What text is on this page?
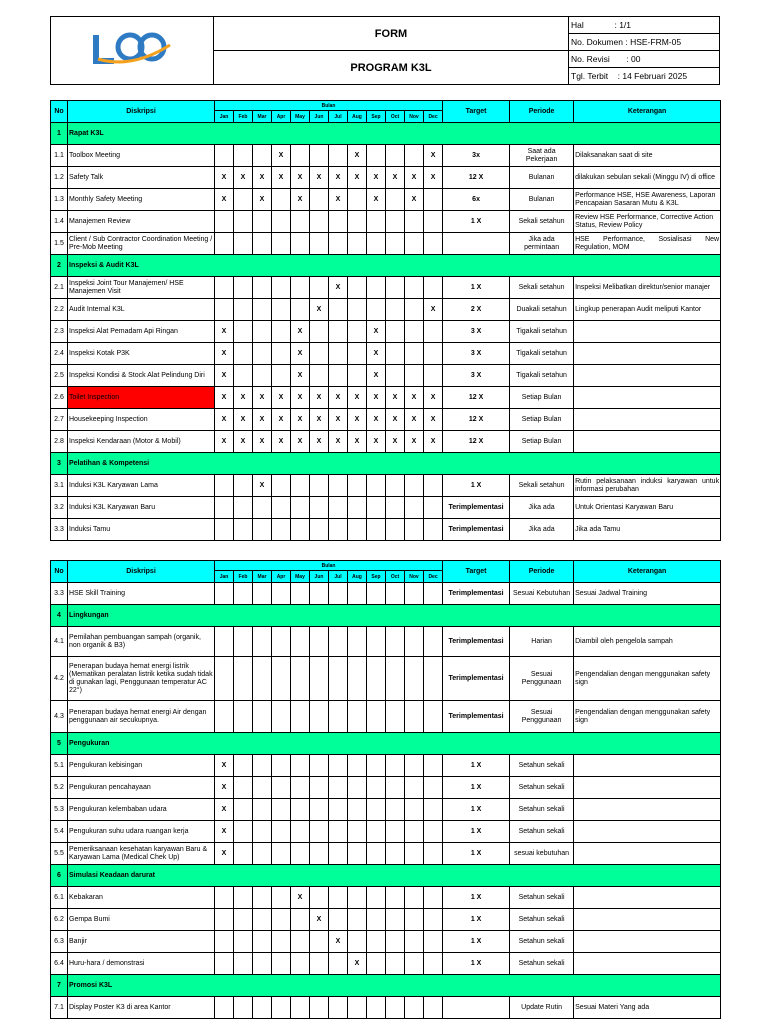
	FORM	Hal : 1/1
		No. Dokumen : HSE-FRM-05
	PROGRAM K3L	No. Revisi : 00
		Tgl. Terbit : 14 Februari 2025
No	Diskripsi	Bulan												Target	Periode	Keterangan
		Jan	Feb	Mar	Apr	May	Jun	Jul	Aug	Sep	Oct	Nov	Dec			
1	Rapat K3L															
1.1	Toolbox Meeting				X				X				X	3x	Saat ada Pekerjaan	Dilaksanakan saat di site
1.2	Safety Talk	X	X	X	X	X	X	X	X	X	X	X	X	12 X	Bulanan	dilakukan sebulan sekali (Minggu IV) di office
1.3	Monthly Safety Meeting	X		X		X		X		X		X		6x	Bulanan	Performance HSE, HSE Awareness, Laporan Pencapaian Sasaran Mutu & K3L
1.4	Manajemen Review													1 X	Sekali setahun	Review HSE Performance, Corrective Action Status, Review Policy
1.5	Client / Sub Contractor Coordination Meeting / Pre-Mob Meeting														Jika ada permintaan	HSE Performance, Sosialisasi New Regulation, MOM
2	Inspeksi & Audit K3L															
2.1	Inspeksi Joint Tour Manajemen/ HSE Manajemen Visit							X						1 X	Sekali setahun	Inspeksi Melibatkan direktur/senior manajer
2.2	Audit Internal K3L						X						X	2 X	Duakali setahun	Lingkup penerapan Audit meliputi Kantor
2.3	Inspeksi Alat Pemadam Api Ringan	X				X				X				3 X	Tigakali setahun	
2.4	Inspeksi Kotak P3K	X				X				X				3 X	Tigakali setahun	
2.5	Inspeksi Kondisi & Stock Alat Pelindung Diri	X				X				X				3 X	Tigakali setahun	
2.6	Toilet Inspection	X	X	X	X	X	X	X	X	X	X	X	X	12 X	Setiap Bulan	
2.7	Housekeeping Inspection	X	X	X	X	X	X	X	X	X	X	X	X	12 X	Setiap Bulan	
2.8	Inspeksi Kendaraan (Motor & Mobil)	X	X	X	X	X	X	X	X	X	X	X	X	12 X	Setiap Bulan	
3	Pelatihan & Kompetensi															
3.1	Induksi K3L Karyawan Lama			X										1 X	Sekali setahun	Rutin pelaksanaan induksi karyawan untuk informasi perubahan
3.2	Induksi K3L Karyawan Baru													Terimplementasi	Jika ada	Untuk Orientasi Karyawan Baru
3.3	Induksi Tamu													Terimplementasi	Jika ada	Jika ada Tamu
No	Diskripsi	Bulan												Target	Periode	Keterangan
		Jan	Feb	Mar	Apr	May	Jun	Jul	Aug	Sep	Oct	Nov	Dec			
3.3	HSE Skill Training													Terimplementasi	Sesuai Kebutuhan	Sesuai Jadwal Training
4	Lingkungan															
4.1	Pemilahan pembuangan sampah (organik, non organik & B3)													Terimplementasi	Harian	Diambil oleh pengelola sampah
4.2	Penerapan budaya hemat energi listrik (Mematikan peralatan listrik ketika sudah tidak di gunakan lagi, Penggunaan temperatur AC 22°)													Terimplementasi	Sesuai Penggunaan	Pengendalian dengan menggunakan safety sign
4.3	Penerapan budaya hemat energi Air dengan penggunaan air secukupnya.													Terimplementasi	Sesuai Penggunaan	Pengendalian dengan menggunakan safety sign
5	Pengukuran															
5.1	Pengukuran kebisingan	X												1 X	Setahun sekali	
5.2	Pengukuran pencahayaan	X												1 X	Setahun sekali	
5.3	Pengukuran kelembaban udara	X												1 X	Setahun sekali	
5.4	Pengukuran suhu udara ruangan kerja	X												1 X	Setahun sekali	
5.5	Pemeriksanaan kesehatan karyawan Baru & Karyawan Lama (Medical Chek Up)	X												1 X	sesuai kebutuhan	
6	Simulasi Keadaan darurat															
6.1	Kebakaran					X								1 X	Setahun sekali	
6.2	Gempa Bumi						X							1 X	Setahun sekali	
6.3	Banjir							X						1 X	Setahun sekali	
6.4	Huru-hara / demonstrasi								X					1 X	Setahun sekali	
7	Promosi K3L															
7.1	Display Poster K3 di area Kantor														Update Rutin	Sesuai Materi Yang ada
